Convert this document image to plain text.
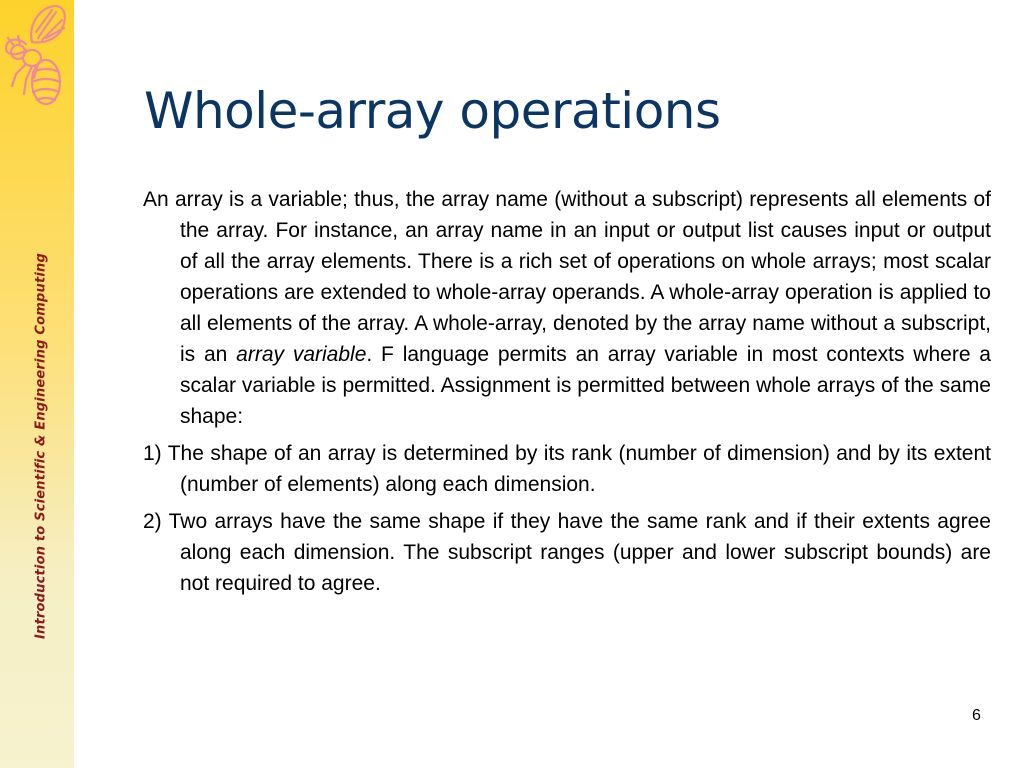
Introduction to Scientific & Engineering Computing
Whole-array operations

An array is a variable; thus, the array name (without a subscript) represents all elements of the array. For instance, an array name in an input or output list causes input or output of all the array elements. There is a rich set of operations on whole arrays; most scalar operations are extended to whole-array operands. A whole-array operation is applied to all elements of the array. A whole-array, denoted by the array name without a subscript, is an array variable. F language permits an array variable in most contexts where a scalar variable is permitted. Assignment is permitted between whole arrays of the same shape:

1) The shape of an array is determined by its rank (number of dimension) and by its extent (number of elements) along each dimension.

2) Two arrays have the same shape if they have the same rank and if their extents agree along each dimension. The subscript ranges (upper and lower subscript bounds) are not required to agree.

6
